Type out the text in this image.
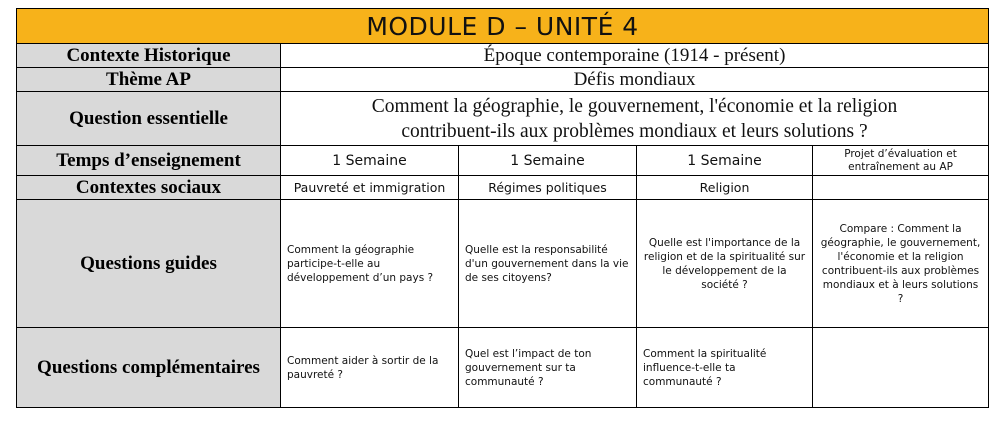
MODULE D – UNITÉ 4				
Contexte Historique	Époque contemporaine (1914 - présent)			
Thème AP	Défis mondiaux			
Question essentielle	Comment la géographie, le gouvernement, l'économie et la religion contribuent-ils aux problèmes mondiaux et leurs solutions ?			
Temps d’enseignement	1 Semaine	1 Semaine	1 Semaine	Projet d’évaluation et entraînement au AP
Contextes sociaux	Pauvreté et immigration	Régimes politiques	Religion	
Questions guides	Comment la géographie participe-t-elle au développement d’un pays ?	Quelle est la responsabilité d'un gouvernement dans la vie de ses citoyens?	Quelle est l'importance de la religion et de la spiritualité sur le développement de la société ?	Compare : Comment la géographie, le gouvernement, l'économie et la religion contribuent-ils aux problèmes mondiaux et à leurs solutions ?
Questions complémentaires	Comment aider à sortir de la pauvreté ?	Quel est l’impact de ton gouvernement sur ta communauté ?	Comment la spiritualité influence-t-elle ta communauté ?	
